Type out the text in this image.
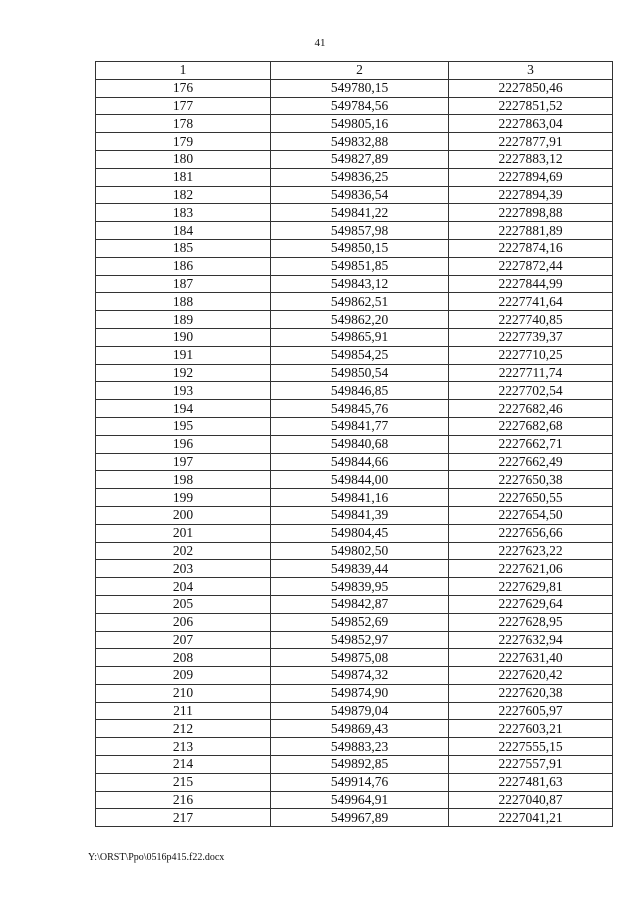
41
1	2	3
176	549780,15	2227850,46
177	549784,56	2227851,52
178	549805,16	2227863,04
179	549832,88	2227877,91
180	549827,89	2227883,12
181	549836,25	2227894,69
182	549836,54	2227894,39
183	549841,22	2227898,88
184	549857,98	2227881,89
185	549850,15	2227874,16
186	549851,85	2227872,44
187	549843,12	2227844,99
188	549862,51	2227741,64
189	549862,20	2227740,85
190	549865,91	2227739,37
191	549854,25	2227710,25
192	549850,54	2227711,74
193	549846,85	2227702,54
194	549845,76	2227682,46
195	549841,77	2227682,68
196	549840,68	2227662,71
197	549844,66	2227662,49
198	549844,00	2227650,38
199	549841,16	2227650,55
200	549841,39	2227654,50
201	549804,45	2227656,66
202	549802,50	2227623,22
203	549839,44	2227621,06
204	549839,95	2227629,81
205	549842,87	2227629,64
206	549852,69	2227628,95
207	549852,97	2227632,94
208	549875,08	2227631,40
209	549874,32	2227620,42
210	549874,90	2227620,38
211	549879,04	2227605,97
212	549869,43	2227603,21
213	549883,23	2227555,15
214	549892,85	2227557,91
215	549914,76	2227481,63
216	549964,91	2227040,87
217	549967,89	2227041,21
Y:\ORST\Ppo\0516p415.f22.docx
